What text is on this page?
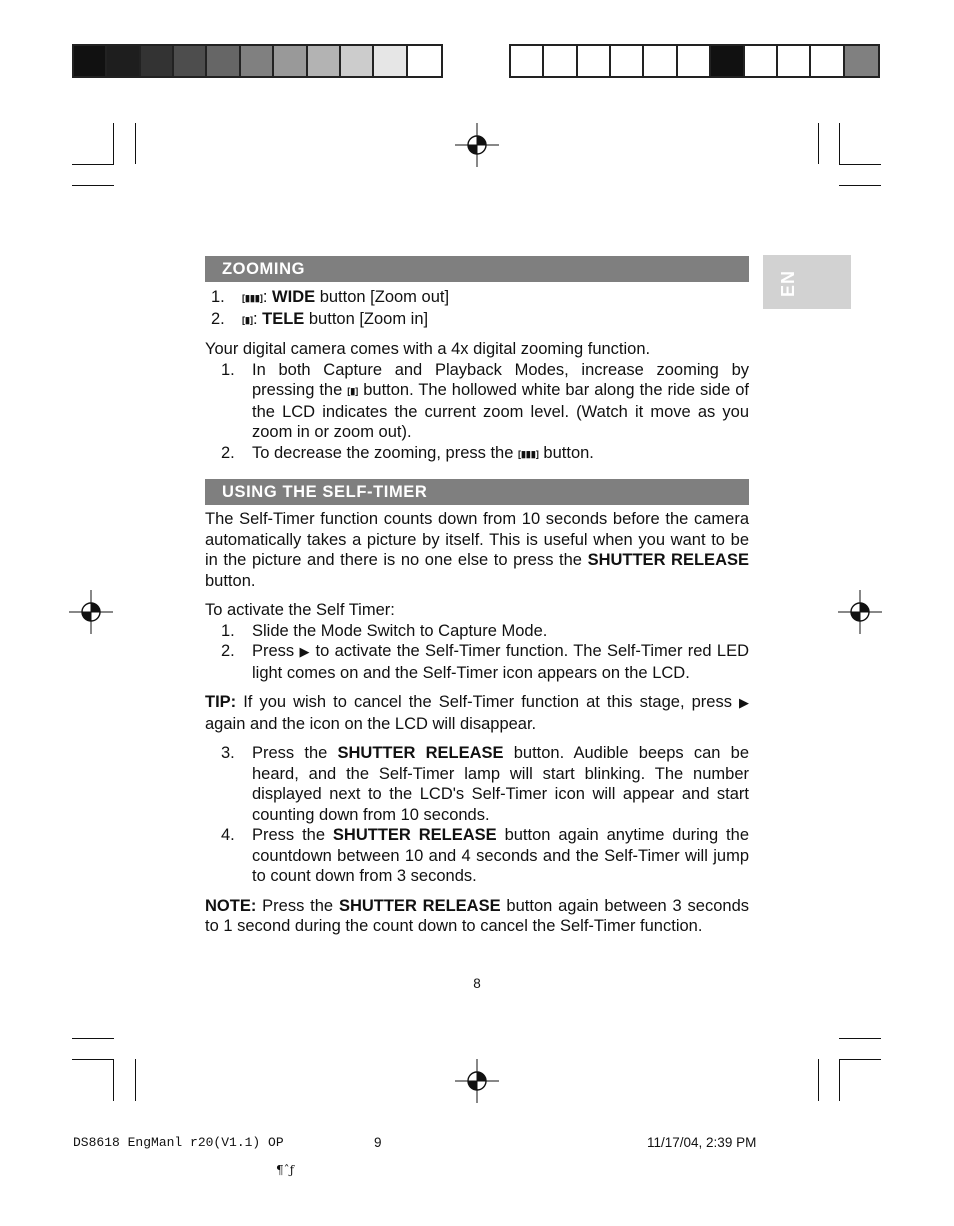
EN
ZOOMING
1.	[▮▮▮]: WIDE button [Zoom out]
2.	[▮]: TELE button [Zoom in]

Your digital camera comes with a 4x digital zooming function.

1.	In both Capture and Playback Modes, increase zooming by pressing the [▮] button. The hollowed white bar along the ride side of the LCD indicates the current zoom level. (Watch it move as you zoom in or zoom out).
2.	To decrease the zooming, press the [▮▮▮] button.
USING THE SELF-TIMER

The Self-Timer function counts down from 10 seconds before the camera automatically takes a picture by itself. This is useful when you want to be in the picture and there is no one else to press the SHUTTER RELEASE button.

To activate the Self Timer:

1.	Slide the Mode Switch to Capture Mode.
2.	Press ▶ to activate the Self-Timer function. The Self-Timer red LED light comes on and the Self-Timer icon appears on the LCD.

TIP: If you wish to cancel the Self-Timer function at this stage, press ▶ again and the icon on the LCD will disappear.

3.	Press the SHUTTER RELEASE button. Audible beeps can be heard, and the Self-Timer lamp will start blinking. The number displayed next to the LCD's Self-Timer icon will appear and start counting down from 10 seconds.
4.	Press the SHUTTER RELEASE button again anytime during the countdown between 10 and 4 seconds and the Self-Timer will jump to count down from 3 seconds.

NOTE: Press the SHUTTER RELEASE button again between 3 seconds to 1 second during the count down to cancel the Self-Timer function.

8
DS8618 EngManl r20(V1.1) OP	9	11/17/04, 2:39 PM
¶ˆƒ
